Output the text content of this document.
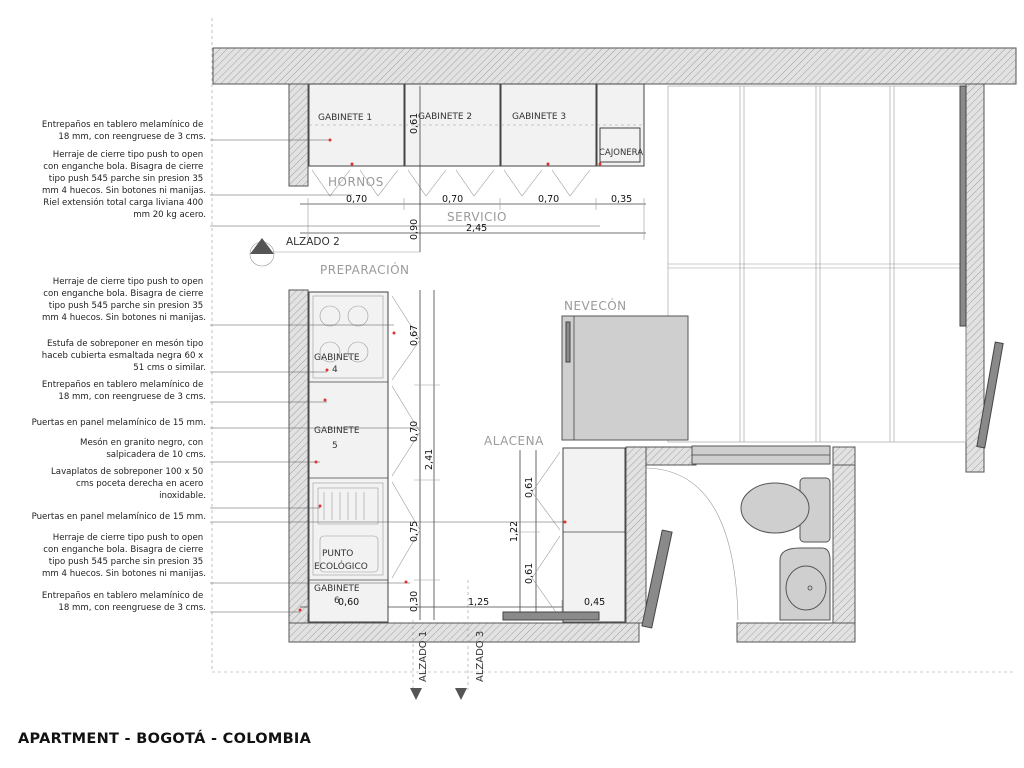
HORNOS
SERVICIO
PREPARACIÓN
NEVECÓN
ALACENA
ALZADO 2
ALZADO 1	ALZADO 3
GABINETE 1	GABINETE 2	GABINETE 3
CAJONERA
GABINETE
4
GABINETE
5
PUNTO
ECOLÓGICO
GABINETE
6
0,70	0,70	0,70	0,35
2,45
0,61
0,90
0,67
0,70
2,41
0,75
0,30
0,60	1,25	0,45
1,22
0,61
0,61
Entrepaños en tablero melamínico de 18 mm, con reengruese de 3 cms.
Herraje de cierre tipo push to open con enganche bola. Bisagra de cierre tipo push 545 parche sin presion 35 mm 4 huecos. Sin botones ni manijas.
Riel extensión total carga liviana 400 mm 20 kg acero.
Herraje de cierre tipo push to open con enganche bola. Bisagra de cierre tipo push 545 parche sin presion 35 mm 4 huecos. Sin botones ni manijas.
Estufa de sobreponer en mesón tipo haceb cubierta esmaltada negra 60 x 51 cms o similar.
Entrepaños en tablero melamínico de 18 mm, con reengruese de 3 cms.
Puertas en panel melamínico de 15 mm.
Mesón en granito negro, con salpicadera de 10 cms.
Lavaplatos de sobreponer 100 x 50 cms poceta derecha en acero inoxidable.
Puertas en panel melamínico de 15 mm.
Herraje de cierre tipo push to open con enganche bola. Bisagra de cierre tipo push 545 parche sin presion 35 mm 4 huecos. Sin botones ni manijas.
Entrepaños en tablero melamínico de 18 mm, con reengruese de 3 cms.
APARTMENT - BOGOTÁ - COLOMBIA
